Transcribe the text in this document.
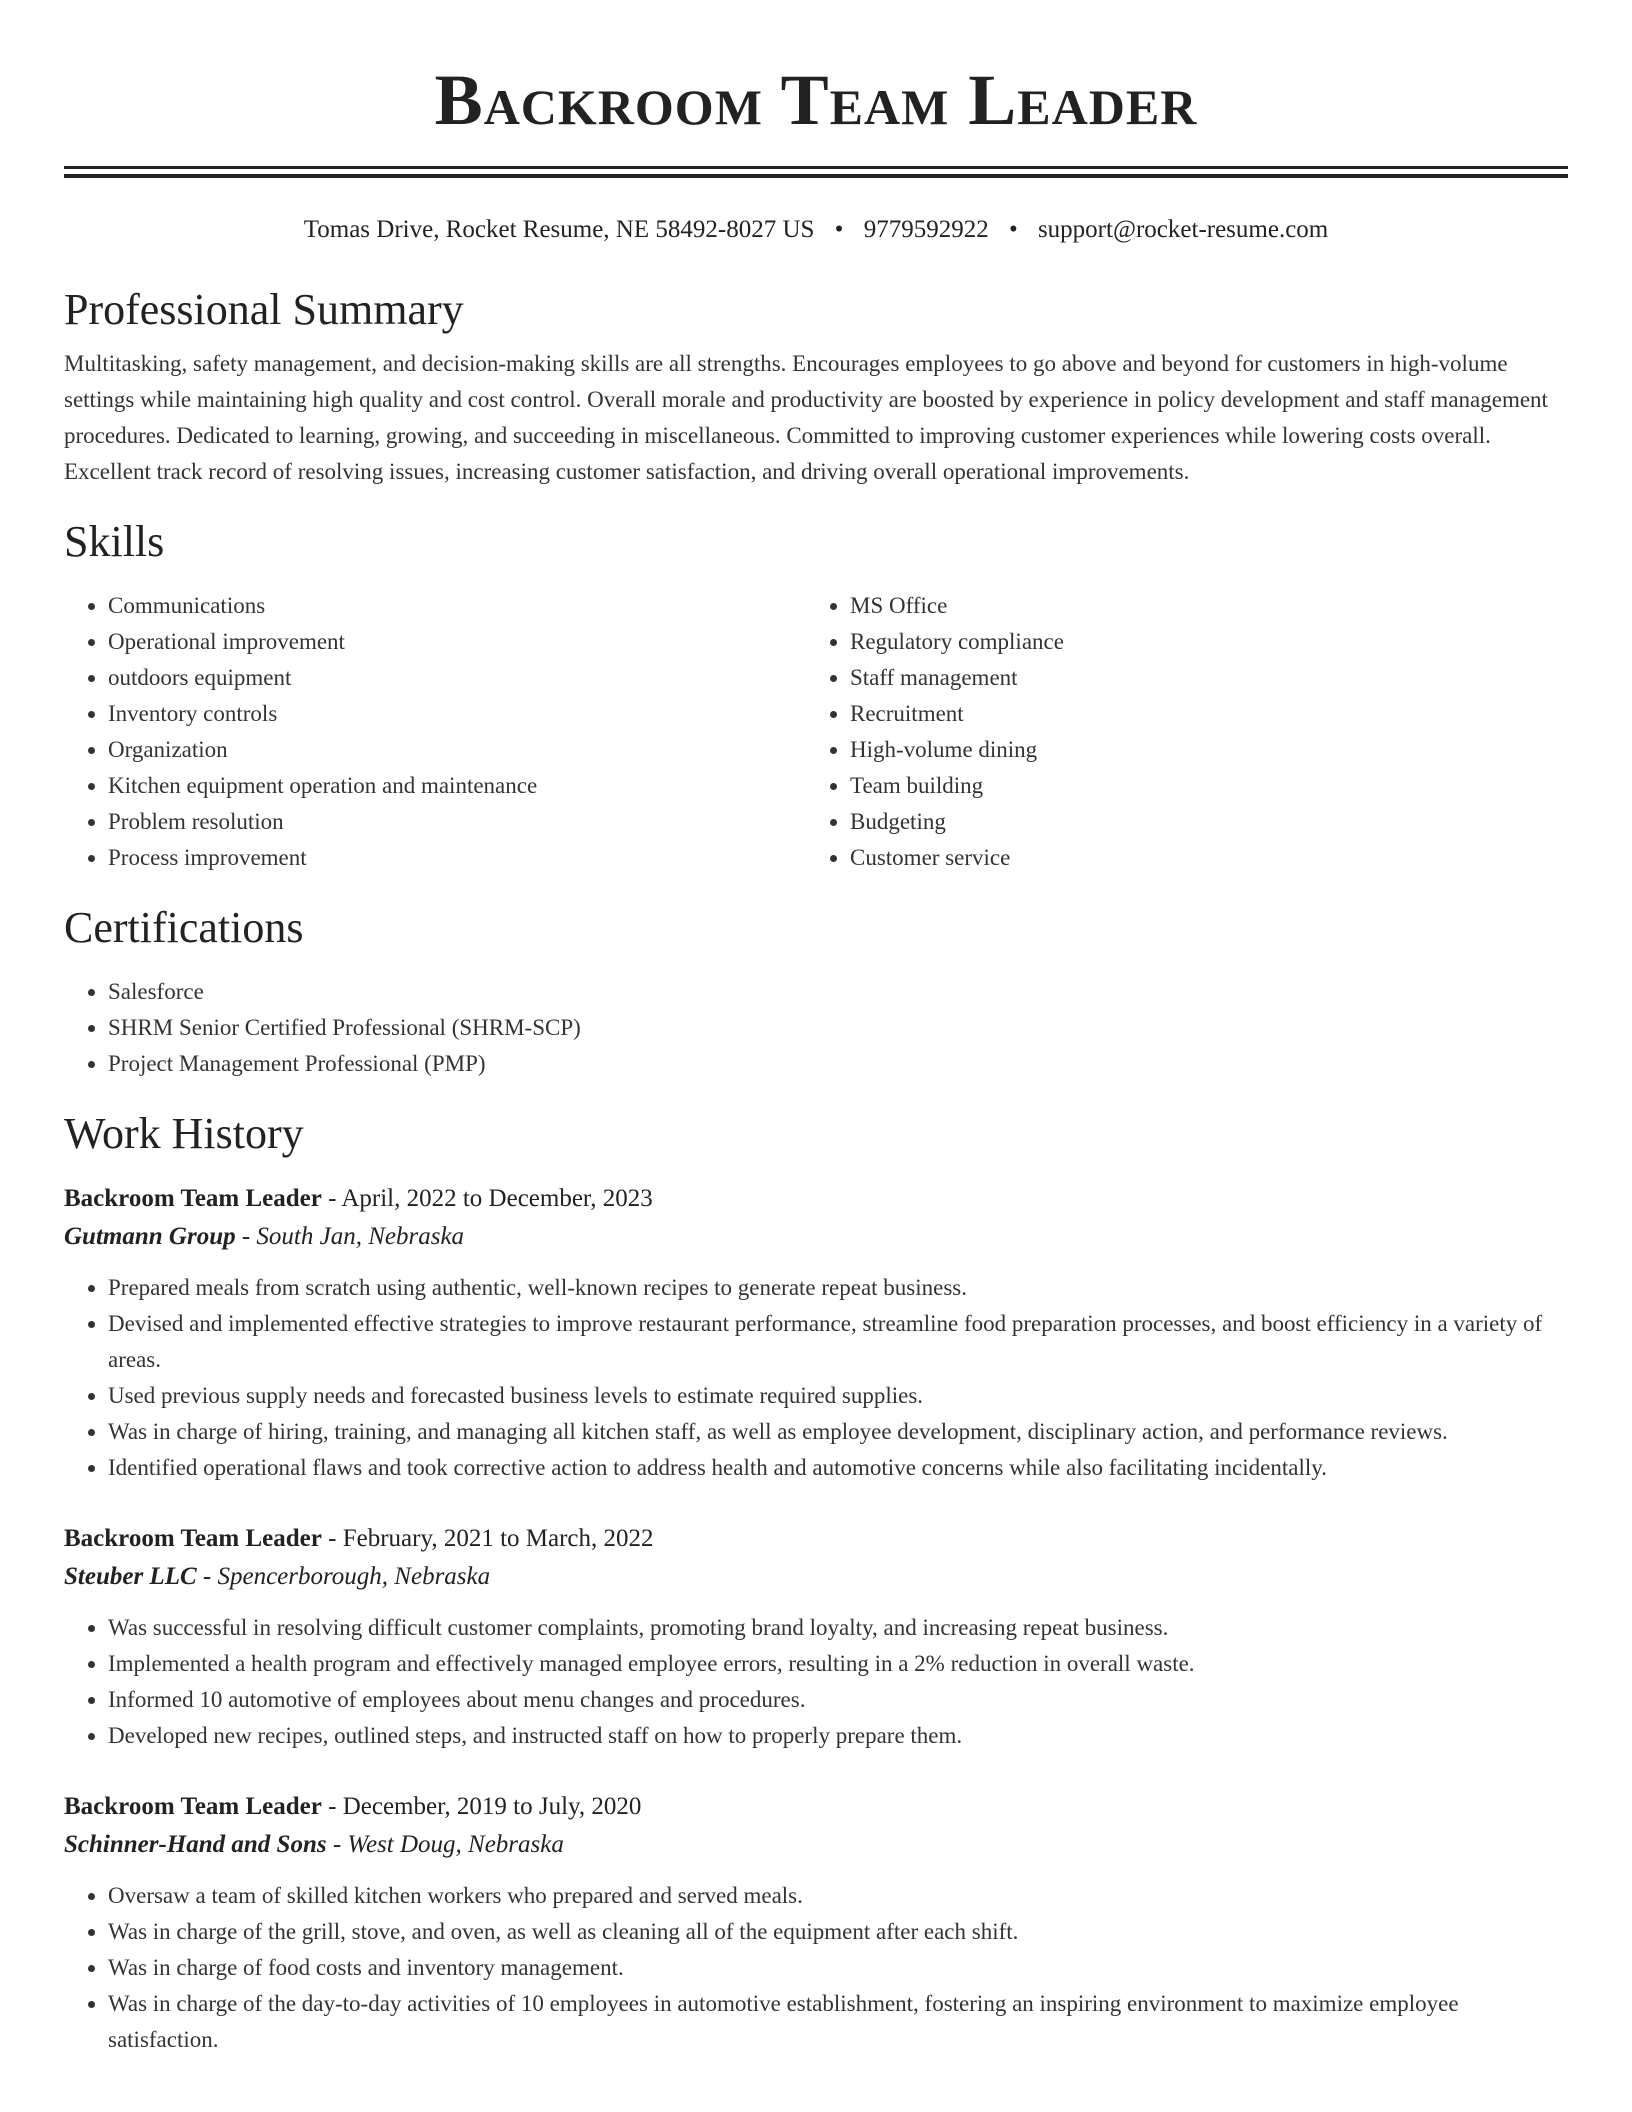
Backroom Team Leader
Tomas Drive, Rocket Resume, NE 58492-8027 US • 9779592922 • support@rocket-resume.com
Professional Summary

Multitasking, safety management, and decision-making skills are all strengths. Encourages employees to go above and beyond for customers in high-volume settings while maintaining high quality and cost control. Overall morale and productivity are boosted by experience in policy development and staff management procedures. Dedicated to learning, growing, and succeeding in miscellaneous. Committed to improving customer experiences while lowering costs overall. Excellent track record of resolving issues, increasing customer satisfaction, and driving overall operational improvements.

Skills
• Communications
• Operational improvement
• outdoors equipment
• Inventory controls
• Organization
• Kitchen equipment operation and maintenance
• Problem resolution
• Process improvement
• MS Office
• Regulatory compliance
• Staff management
• Recruitment
• High-volume dining
• Team building
• Budgeting
• Customer service
Certifications
• Salesforce
• SHRM Senior Certified Professional (SHRM-SCP)
• Project Management Professional (PMP)
Work History
Backroom Team Leader - April, 2022 to December, 2023
Gutmann Group - South Jan, Nebraska
• Prepared meals from scratch using authentic, well-known recipes to generate repeat business.
• Devised and implemented effective strategies to improve restaurant performance, streamline food preparation processes, and boost efficiency in a variety of areas.
• Used previous supply needs and forecasted business levels to estimate required supplies.
• Was in charge of hiring, training, and managing all kitchen staff, as well as employee development, disciplinary action, and performance reviews.
• Identified operational flaws and took corrective action to address health and automotive concerns while also facilitating incidentally.
Backroom Team Leader - February, 2021 to March, 2022
Steuber LLC - Spencerborough, Nebraska
• Was successful in resolving difficult customer complaints, promoting brand loyalty, and increasing repeat business.
• Implemented a health program and effectively managed employee errors, resulting in a 2% reduction in overall waste.
• Informed 10 automotive of employees about menu changes and procedures.
• Developed new recipes, outlined steps, and instructed staff on how to properly prepare them.
Backroom Team Leader - December, 2019 to July, 2020
Schinner-Hand and Sons - West Doug, Nebraska
• Oversaw a team of skilled kitchen workers who prepared and served meals.
• Was in charge of the grill, stove, and oven, as well as cleaning all of the equipment after each shift.
• Was in charge of food costs and inventory management.
• Was in charge of the day-to-day activities of 10 employees in automotive establishment, fostering an inspiring environment to maximize employee satisfaction.
